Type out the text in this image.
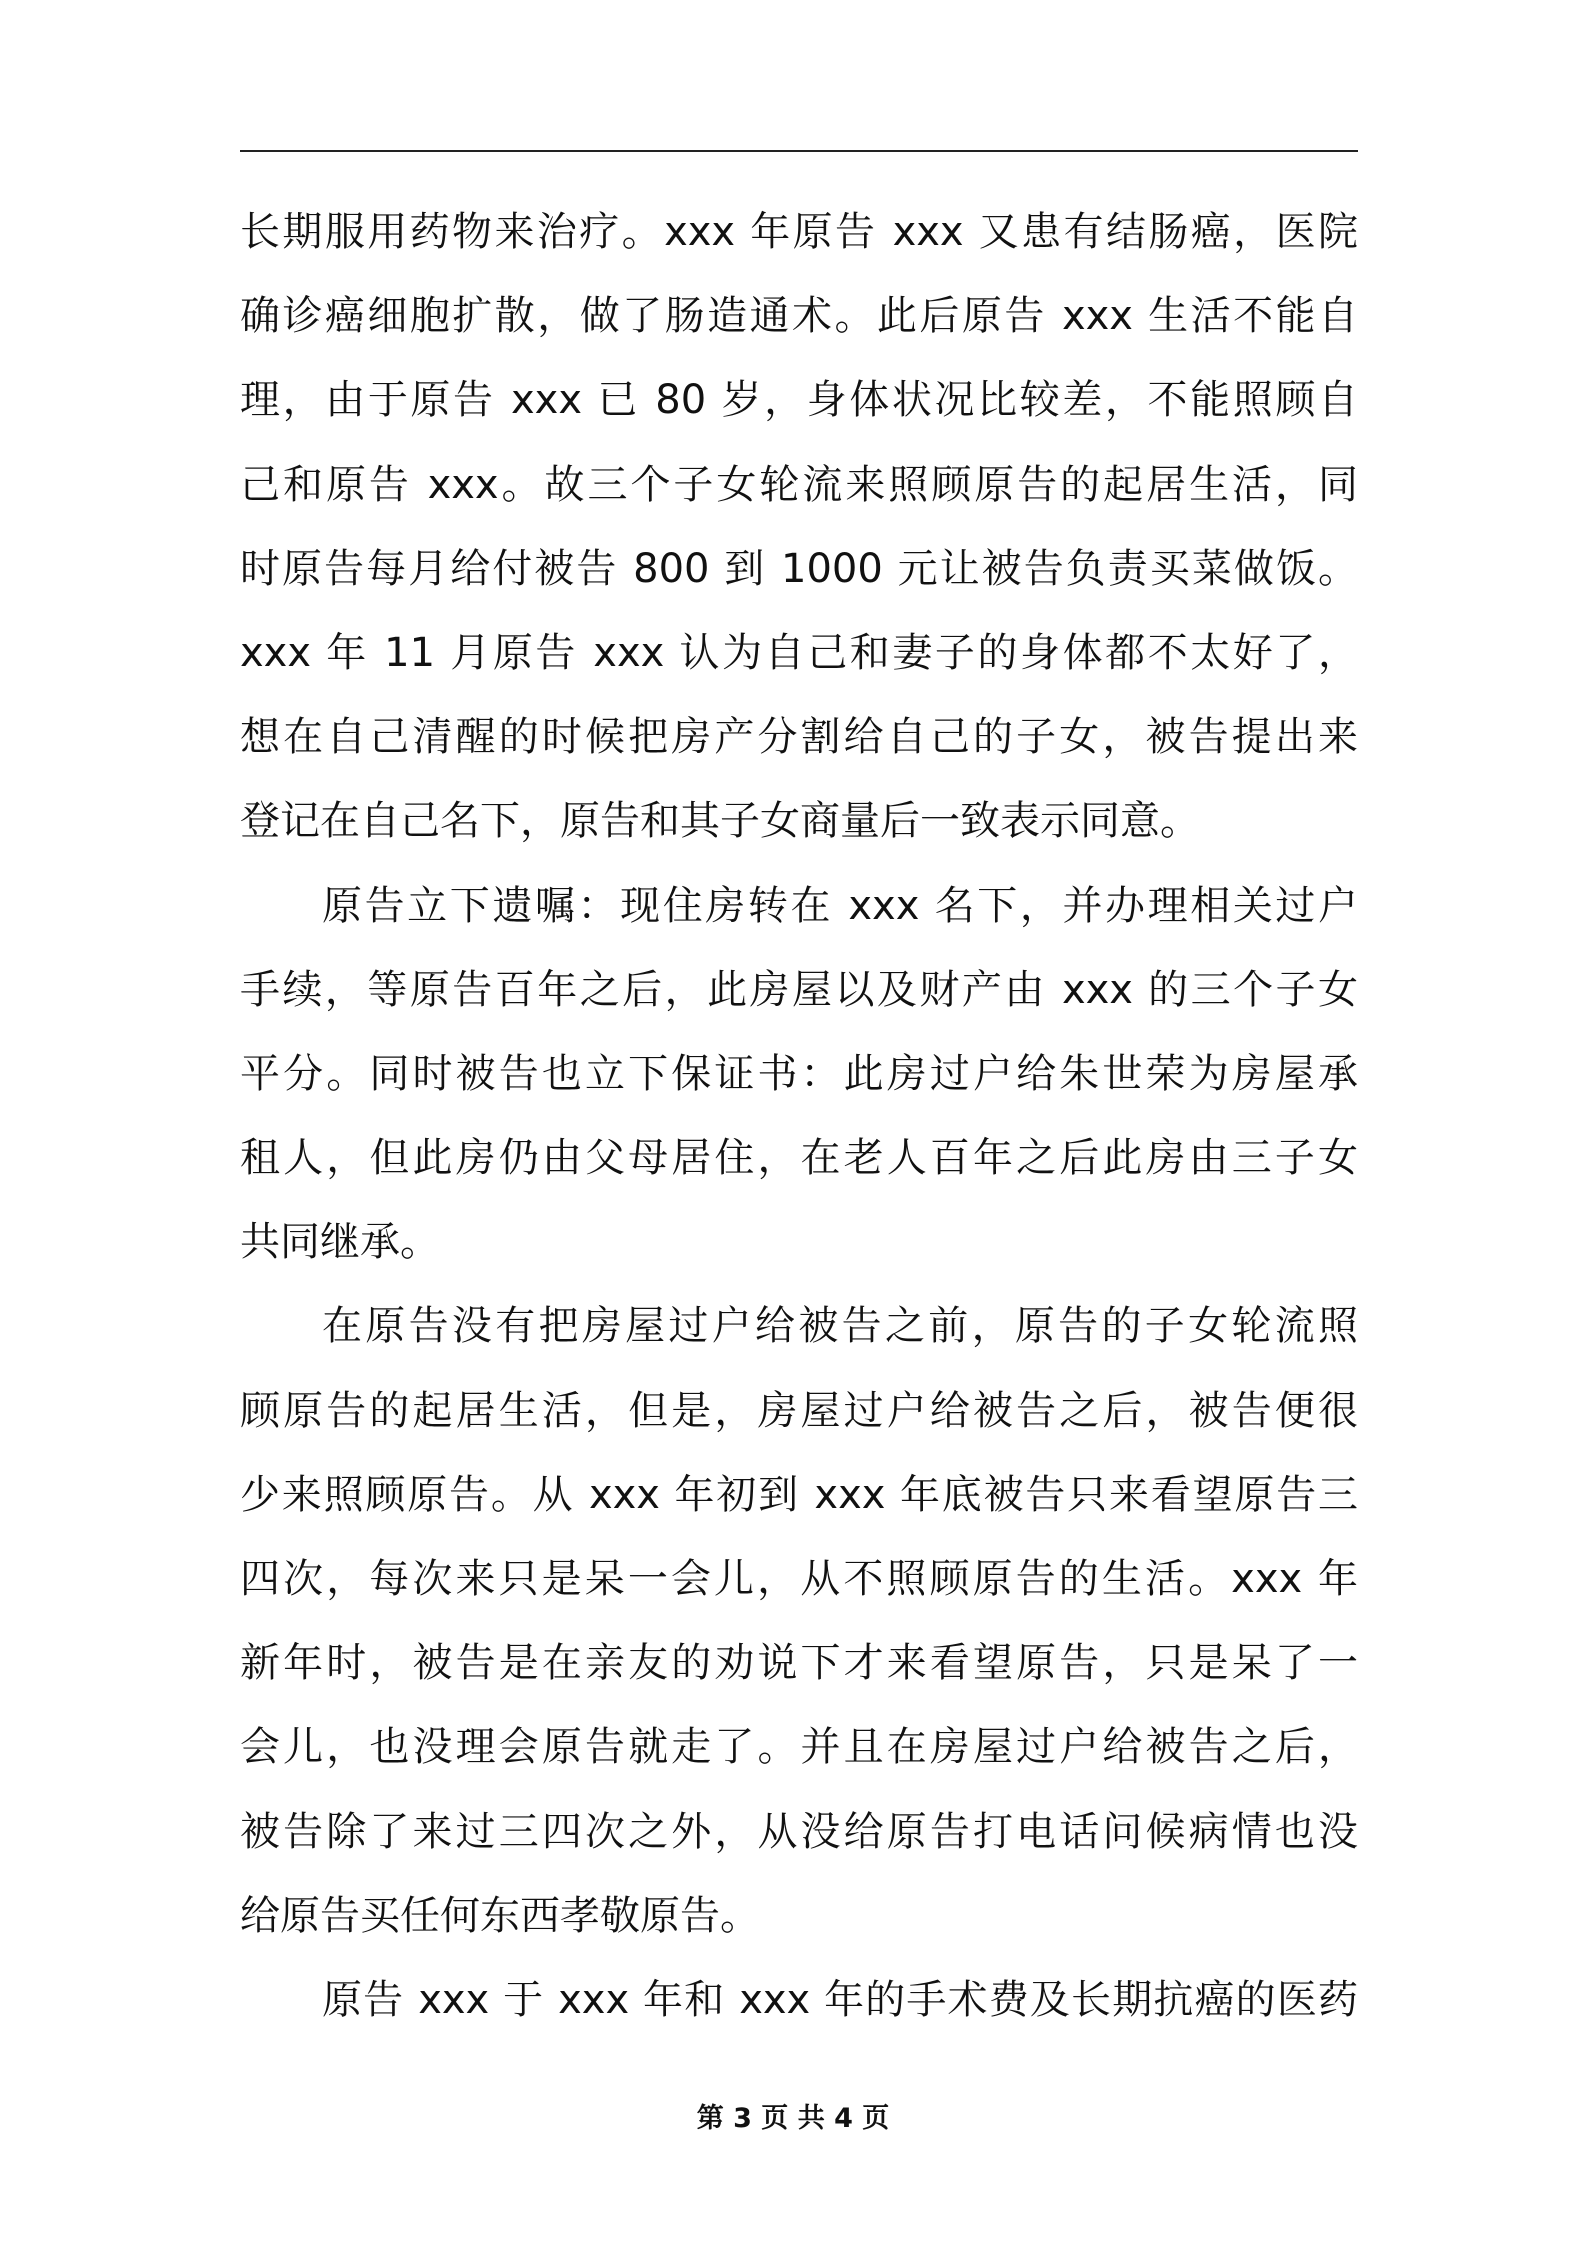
长期服用药物来治疗。xxx 年原告 xxx 又患有结肠癌，医院
确诊癌细胞扩散，做了肠造通术。此后原告 xxx 生活不能自
理，由于原告 xxx 已 80 岁，身体状况比较差，不能照顾自
己和原告 xxx。故三个子女轮流来照顾原告的起居生活，同
时原告每月给付被告 800 到 1000 元让被告负责买菜做饭。
xxx 年 11 月原告 xxx 认为自己和妻子的身体都不太好了，
想在自己清醒的时候把房产分割给自己的子女，被告提出来
登记在自己名下，原告和其子女商量后一致表示同意。
原告立下遗嘱：现住房转在 xxx 名下，并办理相关过户
手续，等原告百年之后，此房屋以及财产由 xxx 的三个子女
平分。同时被告也立下保证书：此房过户给朱世荣为房屋承
租人，但此房仍由父母居住，在老人百年之后此房由三子女
共同继承。
在原告没有把房屋过户给被告之前，原告的子女轮流照
顾原告的起居生活，但是，房屋过户给被告之后，被告便很
少来照顾原告。从 xxx 年初到 xxx 年底被告只来看望原告三
四次，每次来只是呆一会儿，从不照顾原告的生活。xxx 年
新年时，被告是在亲友的劝说下才来看望原告，只是呆了一
会儿，也没理会原告就走了。并且在房屋过户给被告之后，
被告除了来过三四次之外，从没给原告打电话问候病情也没
给原告买任何东西孝敬原告。
原告 xxx 于 xxx 年和 xxx 年的手术费及长期抗癌的医药
第 3 页 共 4 页
